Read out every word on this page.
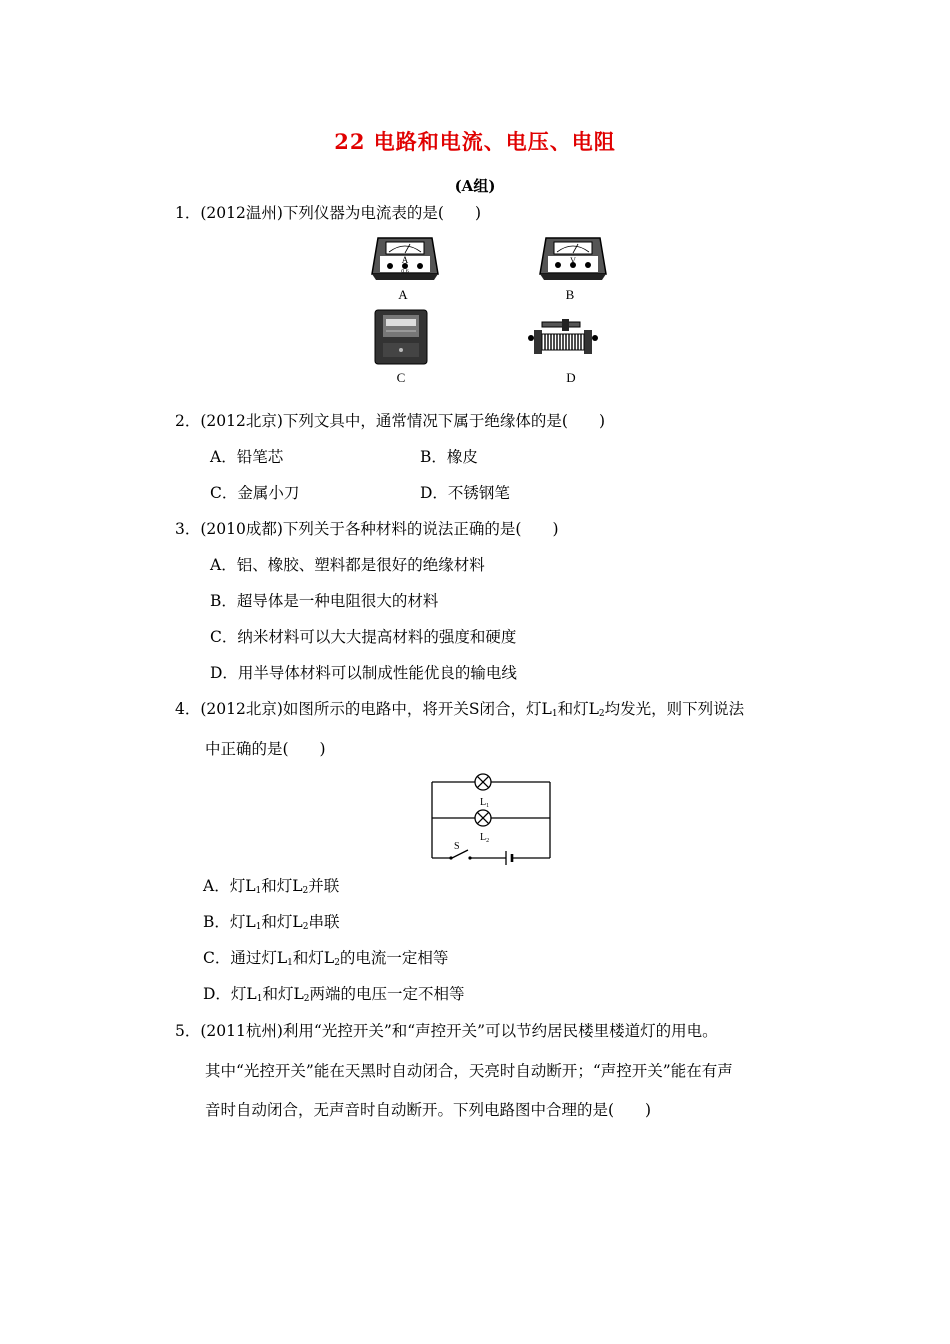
22 电路和电流、电压、电阻
(A组)
1．(2012温州)下列仪器为电流表的是(　　)
A
0.6
A
V
B
C	D
2．(2012北京)下列文具中，通常情况下属于绝缘体的是(　　)
A．铅笔芯	B．橡皮
C．金属小刀	D．不锈钢笔
3．(2010成都)下列关于各种材料的说法正确的是(　　)
A．铝、橡胶、塑料都是很好的绝缘材料
B．超导体是一种电阻很大的材料
C．纳米材料可以大大提高材料的强度和硬度
D．用半导体材料可以制成性能优良的输电线
4．(2012北京)如图所示的电路中，将开关S闭合，灯$L_1$和灯$L_2$均发光，则下列说法
中正确的是(　　)
$L_1$
$L_2$
S
A．灯$L_1$和灯$L_2$并联
B．灯$L_1$和灯$L_2$串联
C．通过灯$L_1$和灯$L_2$的电流一定相等
D．灯$L_1$和灯$L_2$两端的电压一定不相等
5．(2011杭州)利用“光控开关”和“声控开关”可以节约居民楼里楼道灯的用电。
其中“光控开关”能在天黑时自动闭合，天亮时自动断开；“声控开关”能在有声
音时自动闭合，无声音时自动断开。下列电路图中合理的是(　　)
